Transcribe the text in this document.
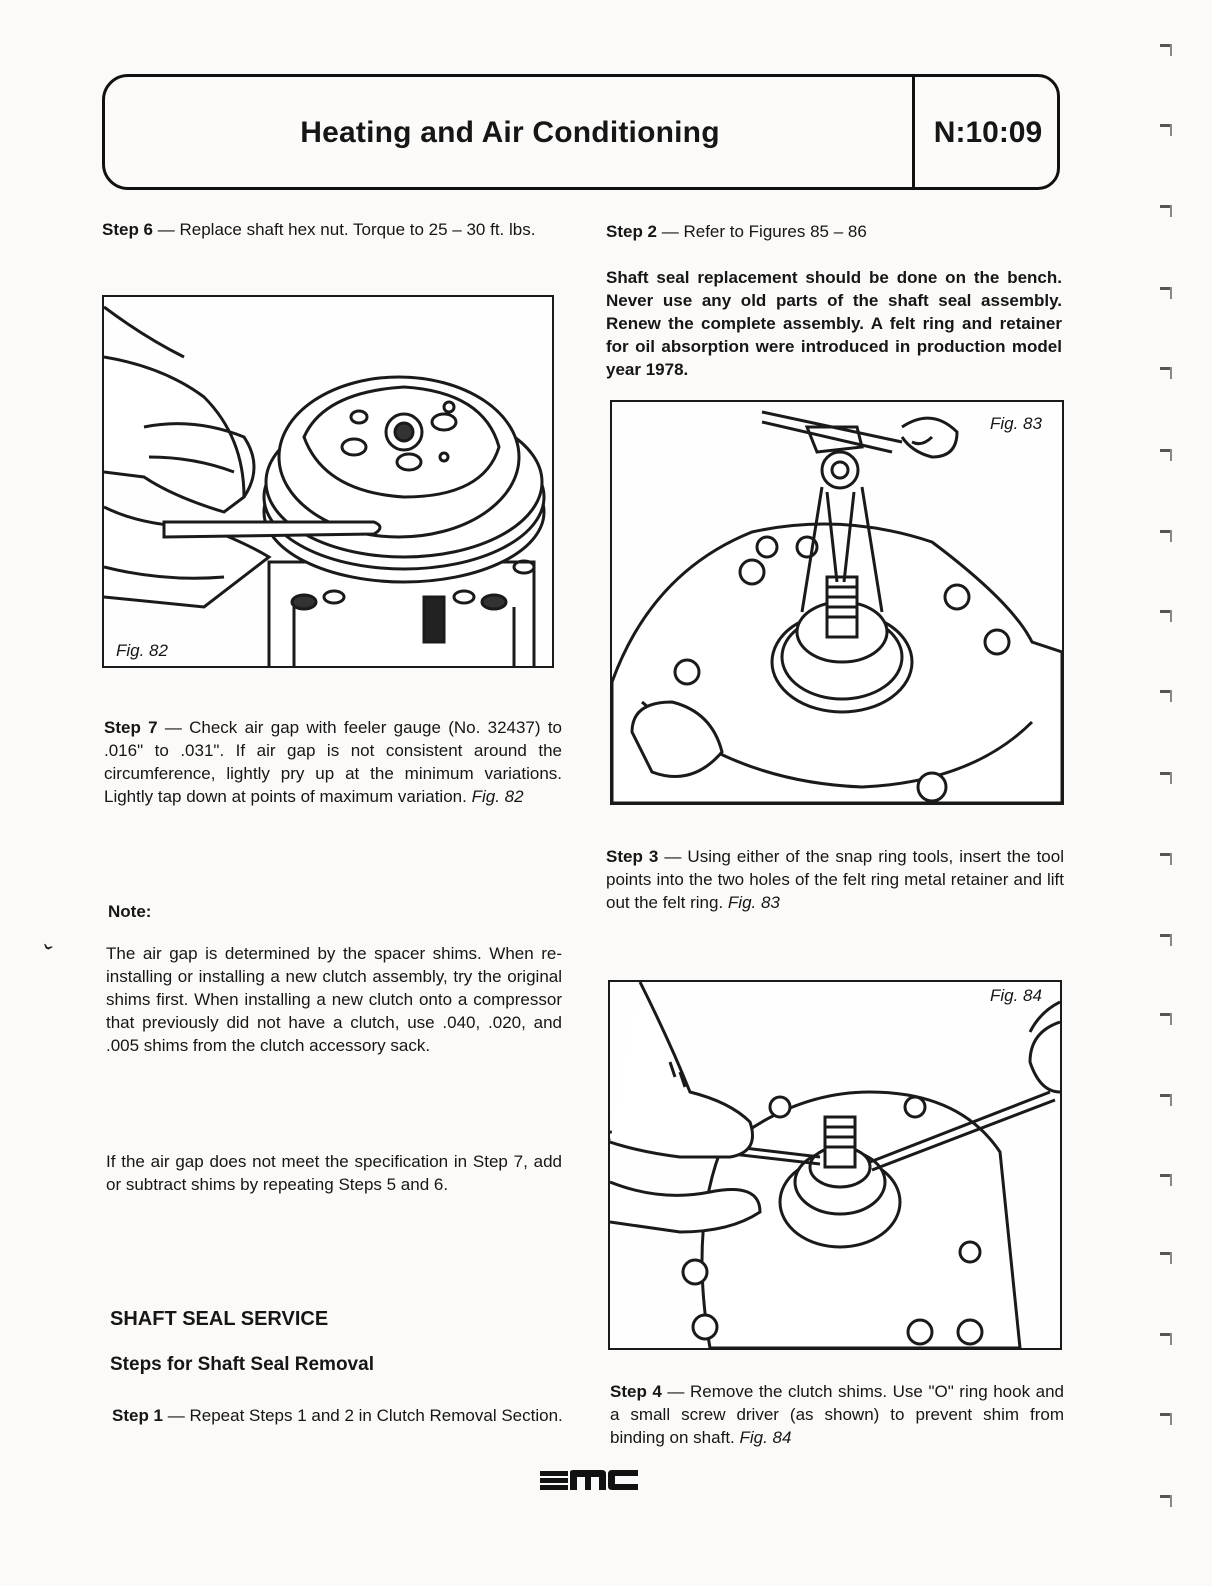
Heating and Air Conditioning	N:10:09
Step 6 — Replace shaft hex nut. Torque to 25 – 30 ft. lbs.
Fig. 82
Step 7 — Check air gap with feeler gauge (No. 32437) to .016" to .031". If air gap is not consistent around the circumference, lightly pry up at the minimum variations. Lightly tap down at points of maximum variation. Fig. 82
Note:
The air gap is determined by the spacer shims. When re-installing or installing a new clutch assembly, try the original shims first. When installing a new clutch onto a compressor that previously did not have a clutch, use .040, .020, and .005 shims from the clutch accessory sack.
If the air gap does not meet the specification in Step 7, add or subtract shims by repeating Steps 5 and 6.
SHAFT SEAL SERVICE
Steps for Shaft Seal Removal
Step 1 — Repeat Steps 1 and 2 in Clutch Removal Section.
Step 2 — Refer to Figures 85 – 86
Shaft seal replacement should be done on the bench. Never use any old parts of the shaft seal assembly. Renew the complete assembly. A felt ring and retainer for oil absorption were introduced in production model year 1978.
Fig. 83
Step 3 — Using either of the snap ring tools, insert the tool points into the two holes of the felt ring metal retainer and lift out the felt ring. Fig. 83
Fig. 84
Step 4 — Remove the clutch shims. Use "O" ring hook and a small screw driver (as shown) to prevent shim from binding on shaft. Fig. 84
ˇ
